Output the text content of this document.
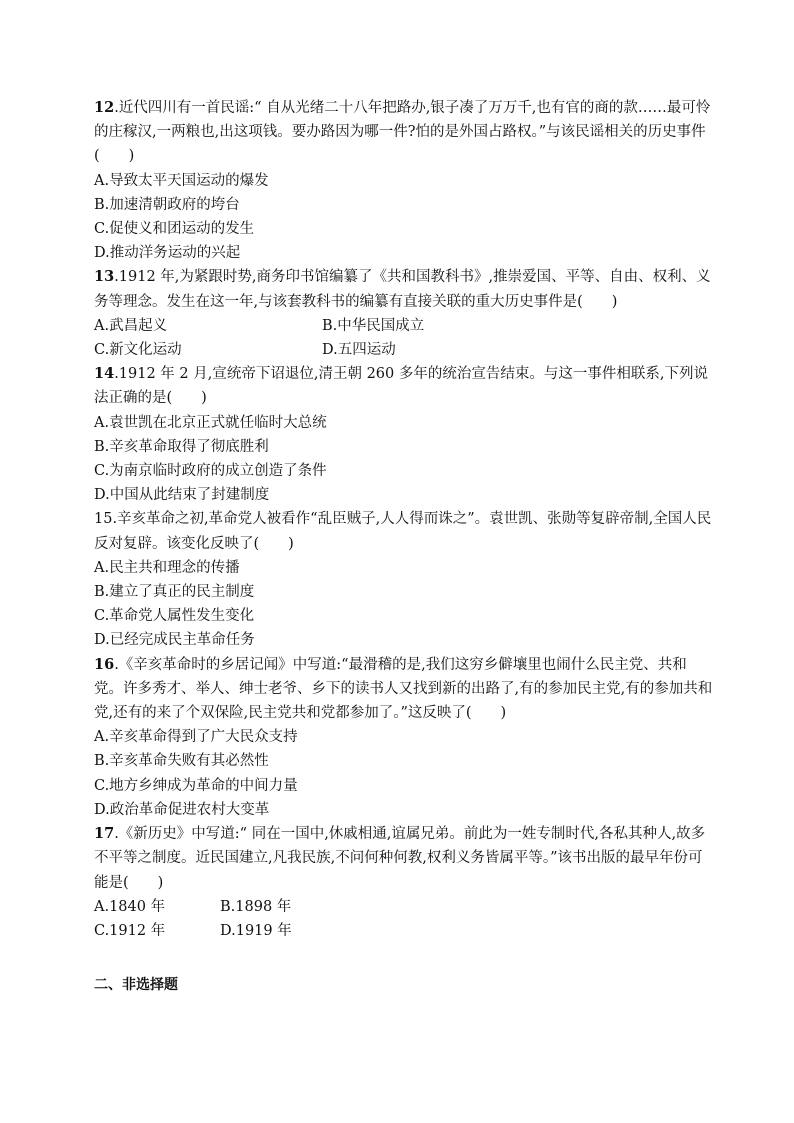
12.近代四川有一首民谣:“ 自从光绪二十八年把路办,银子凑了万万千,也有官的商的款……最可怜的庄稼汉,一两粮也,出这项钱。要办路因为哪一件?怕的是外国占路权。”与该民谣相关的历史事件(　　)

A.导致太平天国运动的爆发

B.加速清朝政府的垮台

C.促使义和团运动的发生

D.推动洋务运动的兴起

13.1912 年,为紧跟时势,商务印书馆编纂了《共和国教科书》,推崇爱国、平等、自由、权利、义务等理念。发生在这一年,与该套教科书的编纂有直接关联的重大历史事件是(　　)

A.武昌起义	B.中华民国成立

C.新文化运动	D.五四运动

14.1912 年 2 月,宣统帝下诏退位,清王朝 260 多年的统治宣告结束。与这一事件相联系,下列说法正确的是(　　)

A.袁世凯在北京正式就任临时大总统

B.辛亥革命取得了彻底胜利

C.为南京临时政府的成立创造了条件

D.中国从此结束了封建制度

15.辛亥革命之初,革命党人被看作“乱臣贼子,人人得而诛之”。袁世凯、张勋等复辟帝制,全国人民反对复辟。该变化反映了(　　)

A.民主共和理念的传播

B.建立了真正的民主制度

C.革命党人属性发生变化

D.已经完成民主革命任务

16.《辛亥革命时的乡居记闻》中写道:“最滑稽的是,我们这穷乡僻壤里也闹什么民主党、共和党。许多秀才、举人、绅士老爷、乡下的读书人又找到新的出路了,有的参加民主党,有的参加共和党,还有的来了个双保险,民主党共和党都参加了。”这反映了(　　)

A.辛亥革命得到了广大民众支持

B.辛亥革命失败有其必然性

C.地方乡绅成为革命的中间力量

D.政治革命促进农村大变革

17.《新历史》中写道:“ 同在一国中,休戚相通,谊属兄弟。前此为一姓专制时代,各私其种人,故多不平等之制度。近民国建立,凡我民族,不问何种何教,权利义务皆属平等。”该书出版的最早年份可能是(　　)

A.1840 年	B.1898 年

C.1912 年	D.1919 年

二、非选择题
